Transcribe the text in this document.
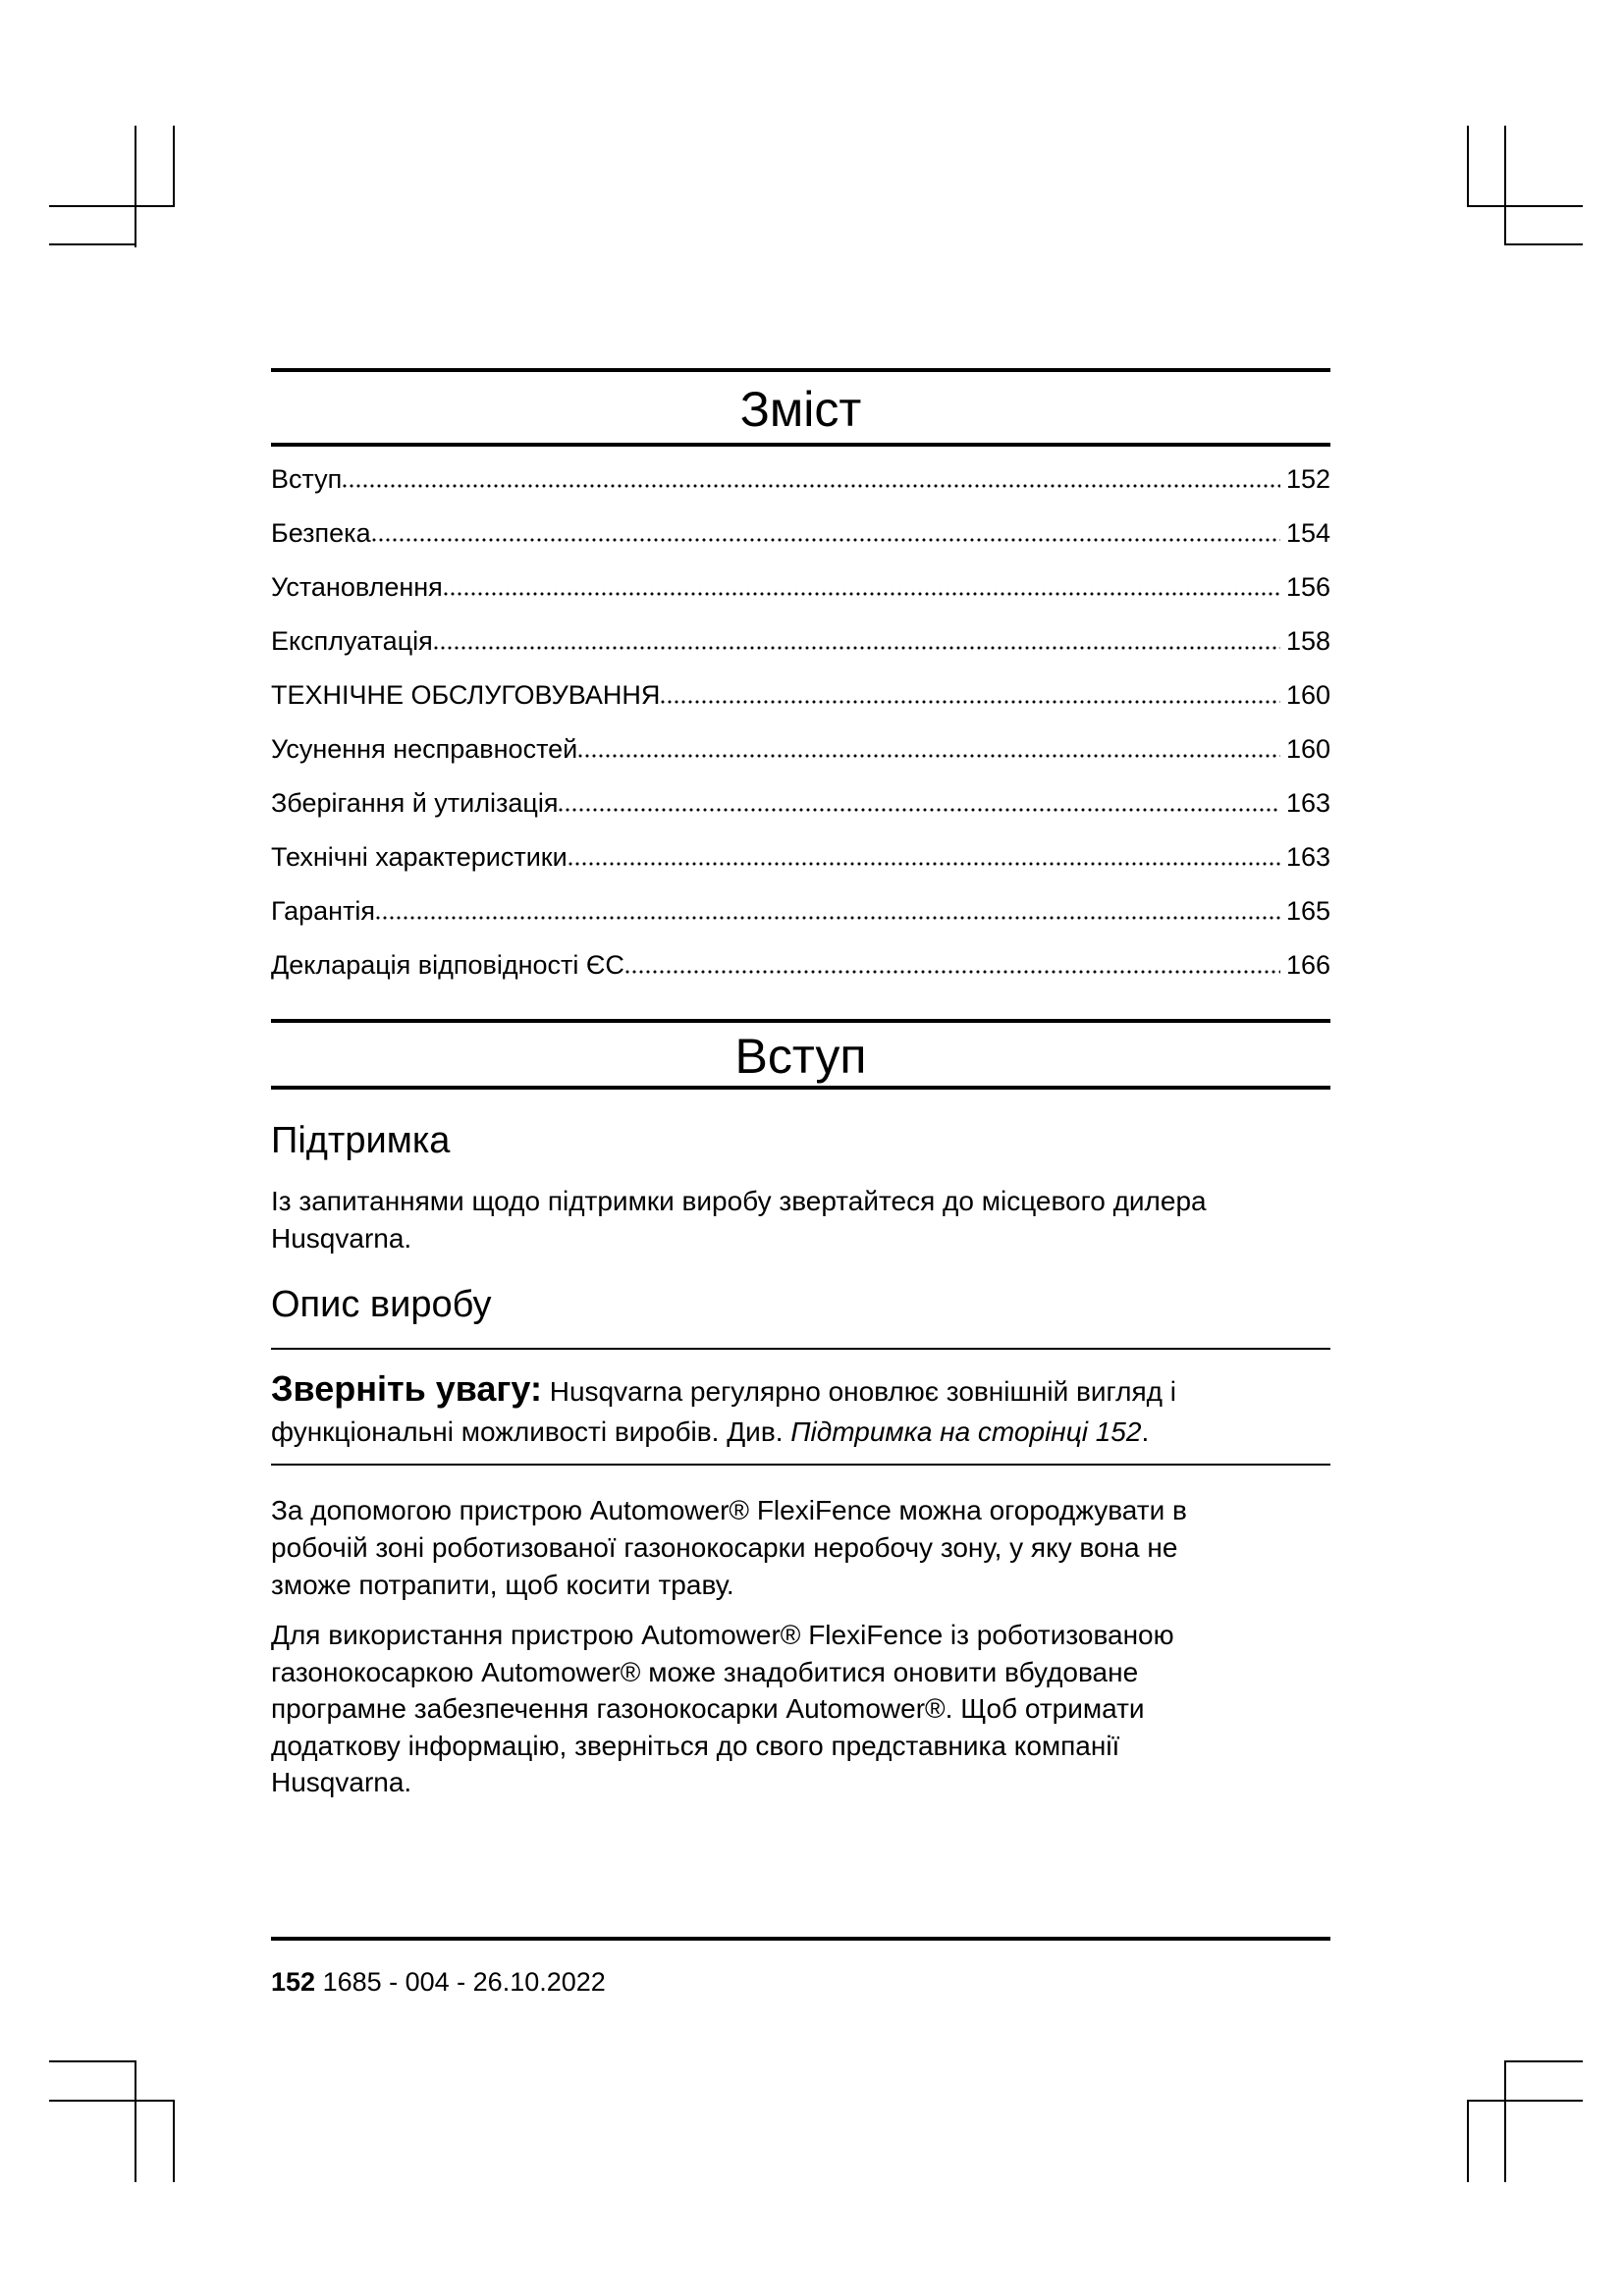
Зміст
Вступ	152
Безпека	154
Установлення	156
Експлуатація	158
ТЕХНІЧНЕ ОБСЛУГОВУВАННЯ	160
Усунення несправностей	160
Зберігання й утилізація	163
Технічні характеристики	163
Гарантія	165
Декларація відповідності ЄС	166
Вступ
Підтримка
Із запитаннями щодо підтримки виробу звертайтеся до місцевого дилера
Husqvarna.
Опис виробу
Зверніть увагу: Husqvarna регулярно оновлює зовнішній вигляд і
функціональні можливості виробів. Див. Підтримка на сторінці 152.
За допомогою пристрою Automower® FlexiFence можна огороджувати в
робочій зоні роботизованої газонокосарки неробочу зону, у яку вона не
зможе потрапити, щоб косити траву.
Для використання пристрою Automower® FlexiFence із роботизованою
газонокосаркою Automower® може знадобитися оновити вбудоване
програмне забезпечення газонокосарки Automower®. Щоб отримати
додаткову інформацію, зверніться до свого представника компанії
Husqvarna.
152 1685 - 004 - 26.10.2022
